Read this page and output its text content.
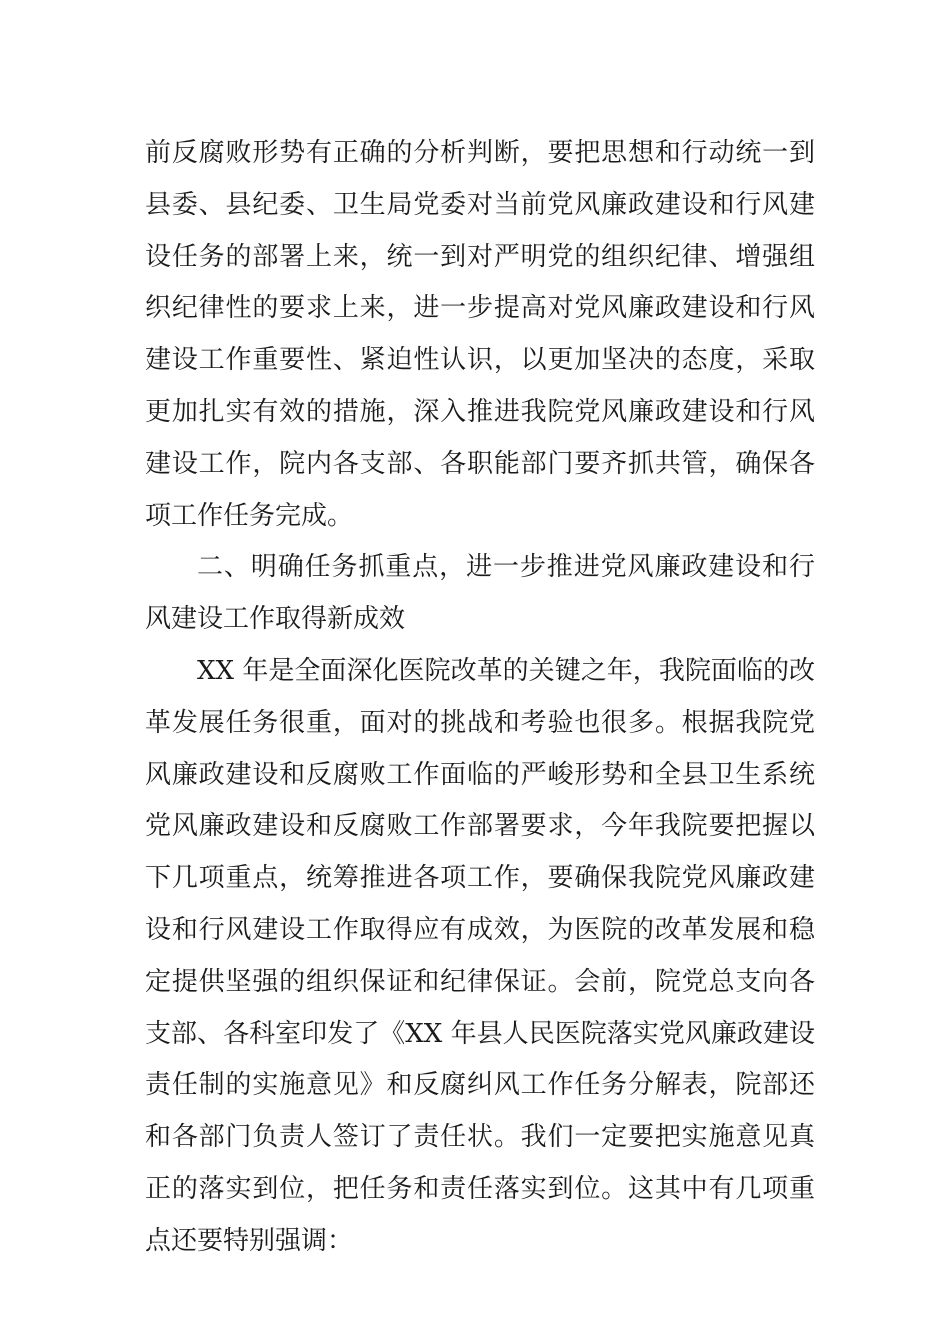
前反腐败形势有正确的分析判断，要把思想和行动统一到
县委、县纪委、卫生局党委对当前党风廉政建设和行风建
设任务的部署上来，统一到对严明党的组织纪律、增强组
织纪律性的要求上来，进一步提高对党风廉政建设和行风
建设工作重要性、紧迫性认识，以更加坚决的态度，采取
更加扎实有效的措施，深入推进我院党风廉政建设和行风
建设工作，院内各支部、各职能部门要齐抓共管，确保各
项工作任务完成。
二、明确任务抓重点，进一步推进党风廉政建设和行
风建设工作取得新成效
XX 年是全面深化医院改革的关键之年，我院面临的改
革发展任务很重，面对的挑战和考验也很多。根据我院党
风廉政建设和反腐败工作面临的严峻形势和全县卫生系统
党风廉政建设和反腐败工作部署要求，今年我院要把握以
下几项重点，统筹推进各项工作，要确保我院党风廉政建
设和行风建设工作取得应有成效，为医院的改革发展和稳
定提供坚强的组织保证和纪律保证。会前，院党总支向各
支部、各科室印发了《XX 年县人民医院落实党风廉政建设
责任制的实施意见》和反腐纠风工作任务分解表，院部还
和各部门负责人签订了责任状。我们一定要把实施意见真
正的落实到位，把任务和责任落实到位。这其中有几项重
点还要特别强调：
